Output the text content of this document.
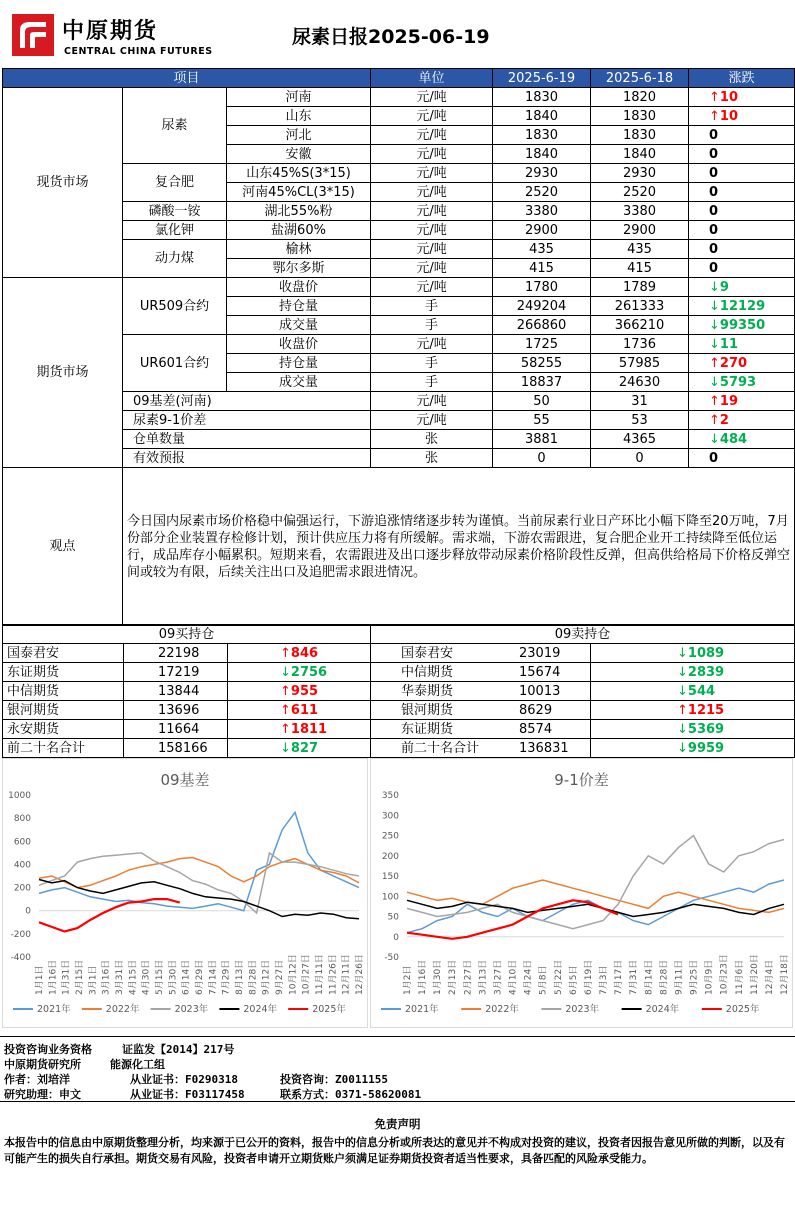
中原期货
CENTRAL CHINA FUTURES
尿素日报2025-06-19
项目			单位	2025-6-19	2025-6-18	涨跌
现货市场	尿素	河南	元/吨	1830	1820	↑10
		山东	元/吨	1840	1830	↑10
		河北	元/吨	1830	1830	0
		安徽	元/吨	1840	1840	0
	复合肥	山东45%S(3*15)	元/吨	2930	2930	0
		河南45%CL(3*15)	元/吨	2520	2520	0
	磷酸一铵	湖北55%粉	元/吨	3380	3380	0
	氯化钾	盐湖60%	元/吨	2900	2900	0
	动力煤	榆林	元/吨	435	435	0
		鄂尔多斯	元/吨	415	415	0
期货市场	UR509合约	收盘价	元/吨	1780	1789	↓9
		持仓量	手	249204	261333	↓12129
		成交量	手	266860	366210	↓99350
	UR601合约	收盘价	元/吨	1725	1736	↓11
		持仓量	手	58255	57985	↑270
		成交量	手	18837	24630	↓5793
	09基差(河南)		元/吨	50	31	↑19
	尿素9-1价差		元/吨	55	53	↑2
	仓单数量		张	3881	4365	↓484
	有效预报		张	0	0	0
观点	今日国内尿素市场价格稳中偏强运行，下游追涨情绪逐步转为谨慎。当前尿素行业日产环比小幅下降至20万吨，7月份部分企业装置存检修计划，预计供应压力将有所缓解。需求端，下游农需跟进，复合肥企业开工持续降至低位运行，成品库存小幅累积。短期来看，农需跟进及出口逐步释放带动尿素价格阶段性反弹，但高供给格局下价格反弹空间或较为有限，后续关注出口及追肥需求跟进情况。					
09买持仓			09卖持仓	
国泰君安	22198	↑846	国泰君安 23019	↓1089
东证期货	17219	↓2756	中信期货 15674	↓2839
中信期货	13844	↑955	华泰期货 10013	↓544
银河期货	13696	↑611	银河期货 8629	↑1215
永安期货	11664	↑1811	东证期货 8574	↓5369
前二十名合计	158166	↓827	前二十名合计 136831	↓9959
09基差
1000
800
600
400
200
0
-200
-400
1月1日 1月16日 1月31日 2月15日 3月1日 3月16日 3月31日 4月15日 4月30日 5月15日 5月30日 6月14日 6月29日 7月14日 7月29日 8月13日 8月28日 9月12日 9月27日 10月12日 10月27日 11月11日 11月26日 12月11日 12月26日
2021年	2022年	2023年	2024年	2025年
9-1价差
350
300
250
200
150
100
50
0
-50
1月2日 1月16日 1月30日 2月13日 2月27日 3月13日 3月27日 4月10日 4月24日 5月8日 5月22日 6月5日 6月19日 7月3日 7月17日 7月31日 8月14日 8月28日 9月11日 9月25日 10月9日 10月23日 11月6日 11月20日 12月4日 12月18日
2021年	2022年	2023年	2024年	2025年
投资咨询业务资格	证监发【2014】217号
中原期货研究所	能源化工组
作者：刘培洋	从业证书：F0290318	投资咨询：Z0011155
研究助理：申文	从业证书：F03117458	联系方式：0371-58620081
免责声明
本报告中的信息由中原期货整理分析，均来源于已公开的资料，报告中的信息分析或所表达的意见并不构成对投资的建议，投资者因报告意见所做的判断，以及有可能产生的损失自行承担。期货交易有风险，投资者申请开立期货账户须满足证券期货投资者适当性要求，具备匹配的风险承受能力。
